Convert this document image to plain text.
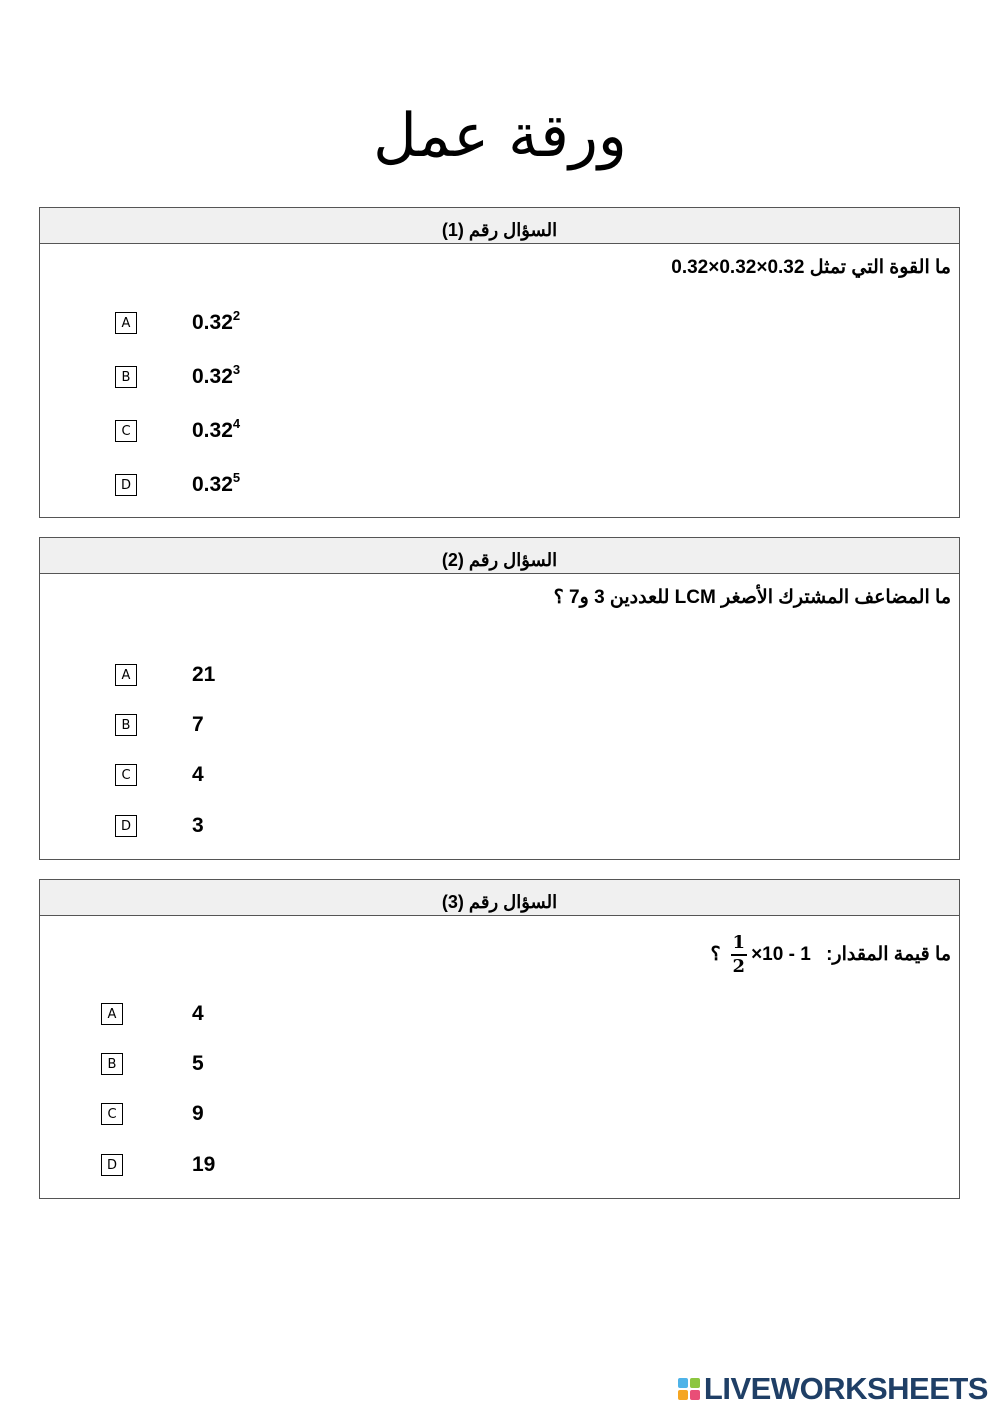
ورقة عمل
السؤال رقم (1)
ما القوة التي تمثل 0.32×0.32×0.32
A	0.32$^2$
B	0.32$^3$
C	0.32$^4$
D	0.32$^5$
السؤال رقم (2)
ما المضاعف المشترك الأصغر LCM للعددين 3 و7 ؟
A	21
B	7
C	4
D	3
السؤال رقم (3)
ما قيمة المقدار: ؟ $\frac{1}{2} 1 - 10\times$
A	4
B	5
C	9
D	19
LIVEWORKSHEETS
